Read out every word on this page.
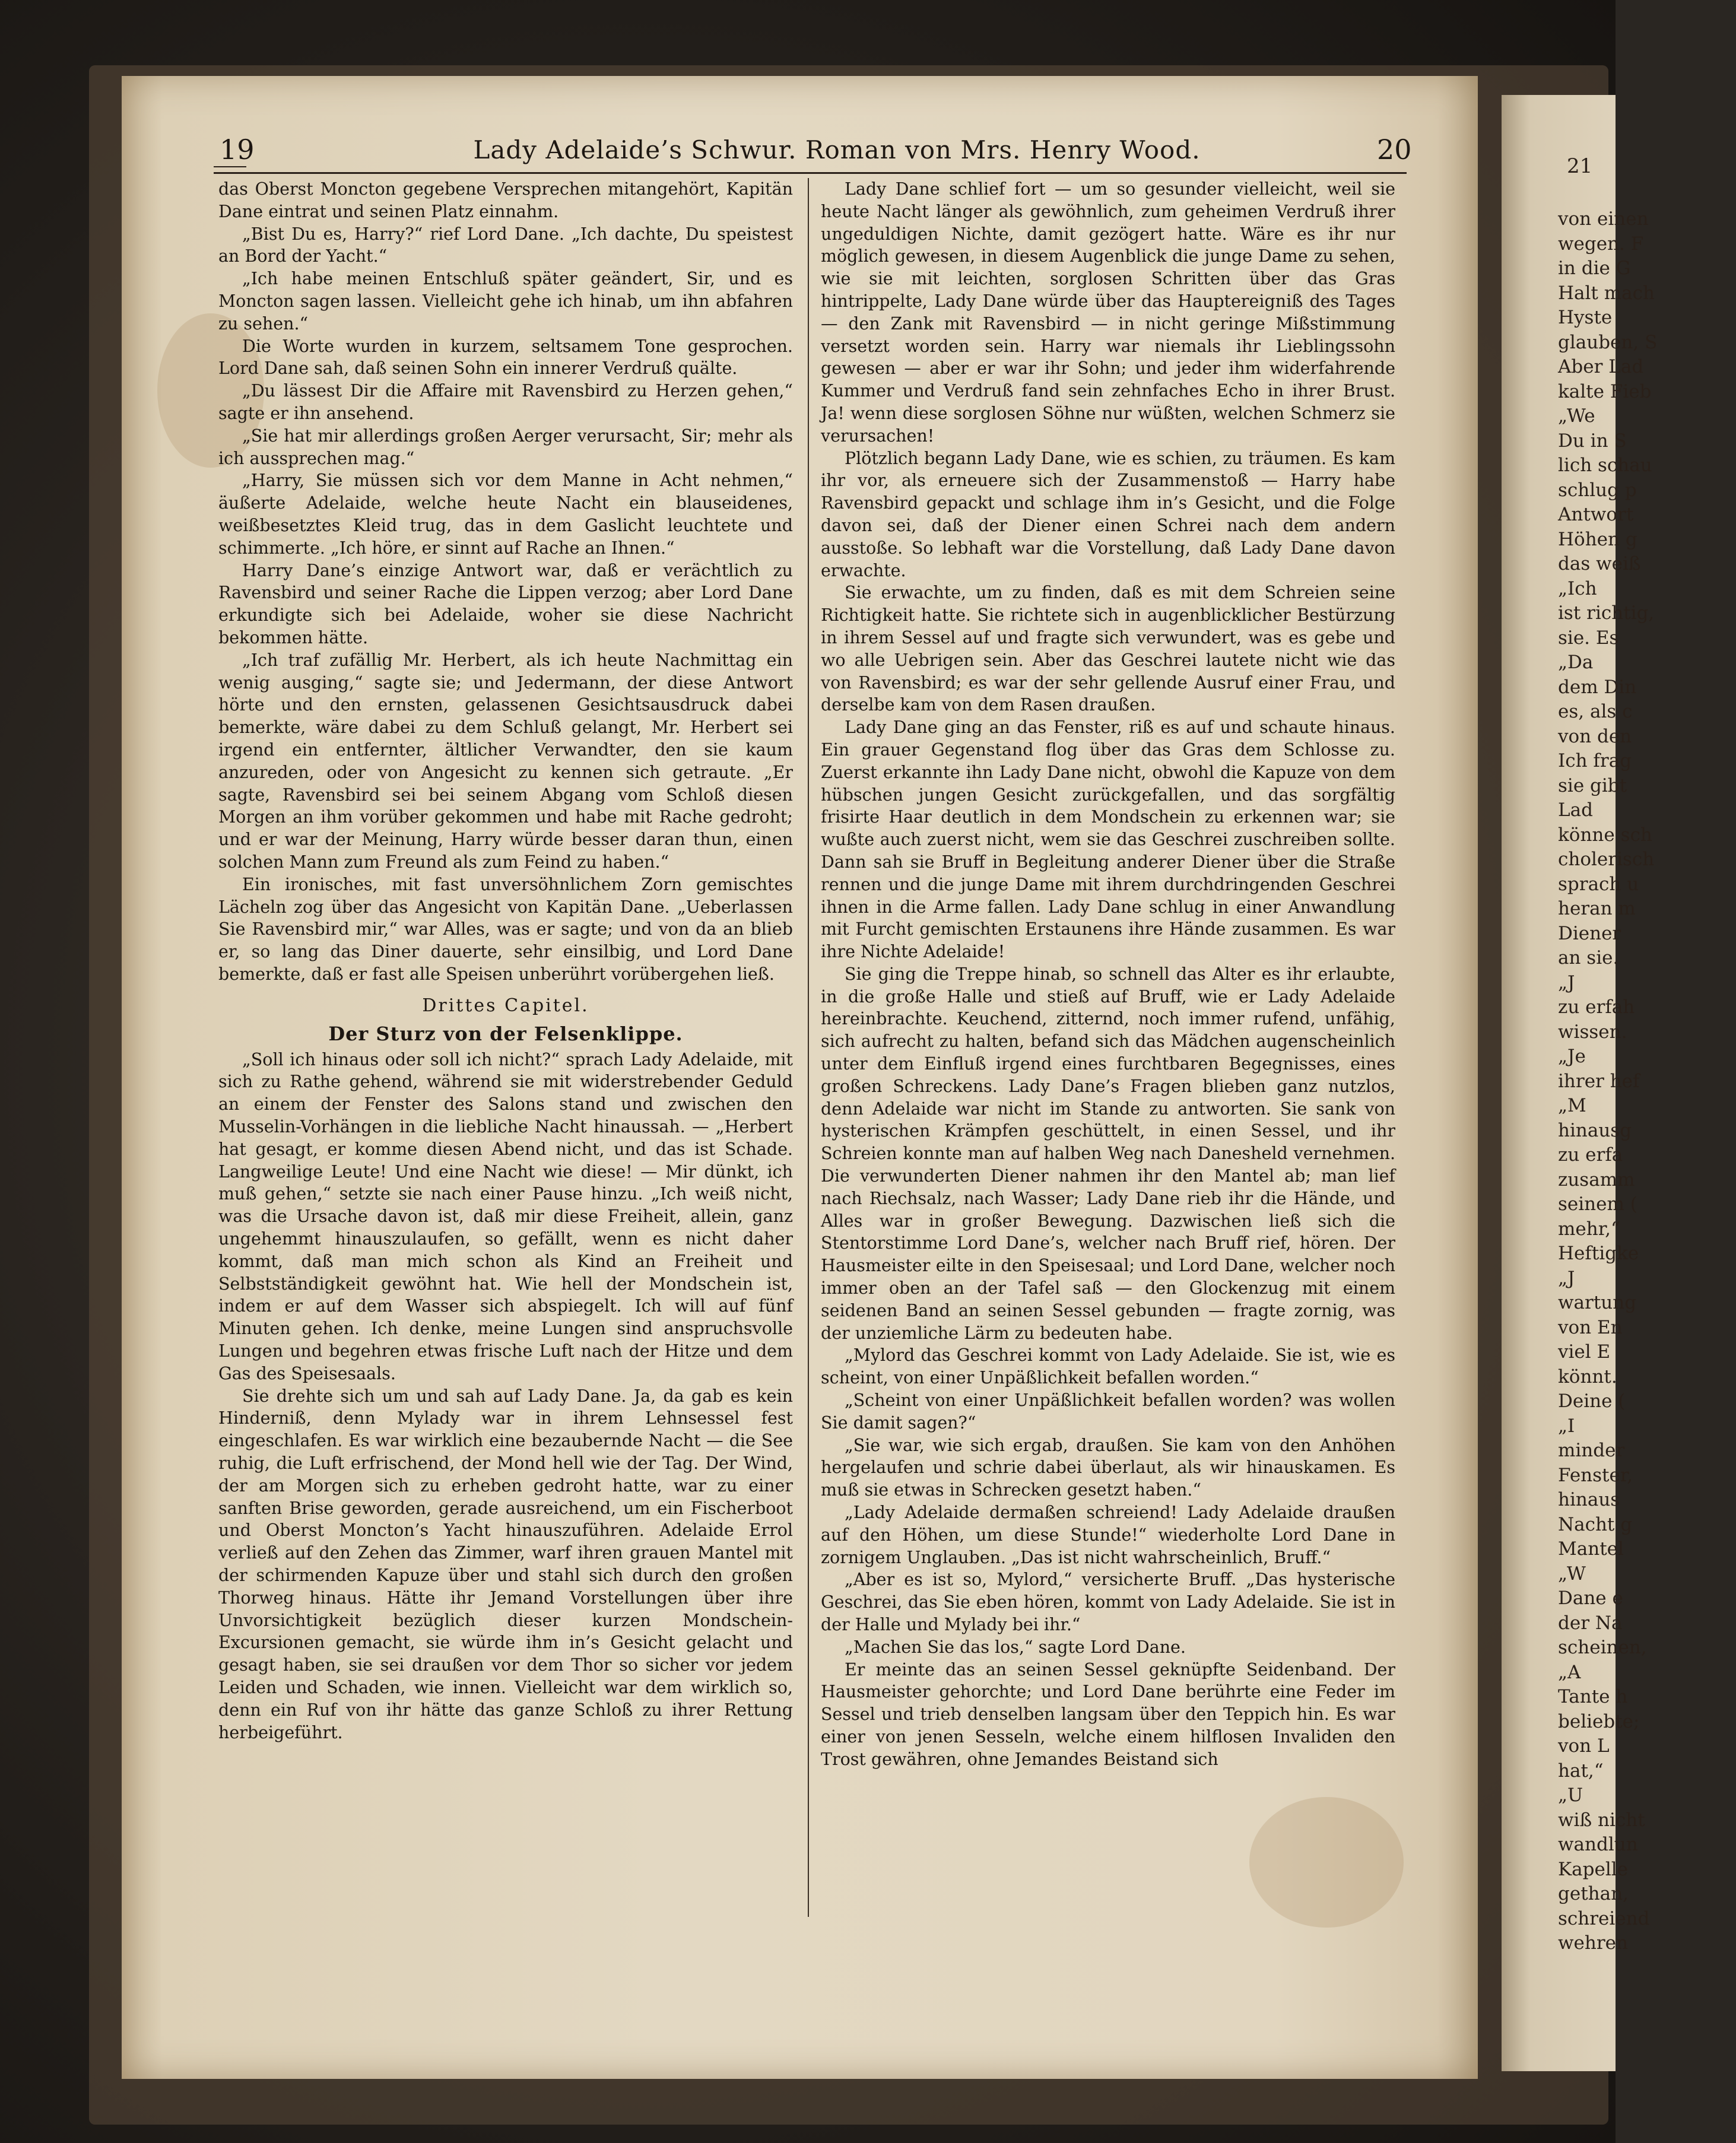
21
von einen
wegen. F
in die G
Halt mach
Hyste
glauben, S
Aber Lad
kalte Fieb
„We
Du in S
lich schau
schlug p
Antwort
Höhen g
das weiß
„Ich
ist richtig,
sie. Es
„Da
dem Din
es, als c
von den
Ich frag
sie gibt
Lad
könne sch
cholerisch
sprach u
heran m
Diener
an sie.
„J
zu erfah
wissen.
„Je
ihrer hef
„M
hinausg
zu erfa
zusamm
seinem (
mehr,“
Heftigke
„J
wartung
von En
viel E
könnt.
Deine (
„I
minder
Fenster,
hinaus
Nacht g
Mantel
„W
Dane e
der Na
scheinen,
„A
Tante h
beliebte;
von L
hat,“
„U
wiß nicht
wandlun
Kapelle
gethan,
schreiend
wehren
19	Lady Adelaide’s Schwur. Roman von Mrs. Henry Wood.	20

das Oberst Moncton gegebene Versprechen mitangehört, Kapitän Dane eintrat und seinen Platz einnahm.

„Bist Du es, Harry?“ rief Lord Dane. „Ich dachte, Du speistest an Bord der Yacht.“

„Ich habe meinen Entschluß später geändert, Sir, und es Moncton sagen lassen. Vielleicht gehe ich hinab, um ihn abfahren zu sehen.“

Die Worte wurden in kurzem, seltsamem Tone gesprochen. Lord Dane sah, daß seinen Sohn ein innerer Verdruß quälte.

„Du lässest Dir die Affaire mit Ravensbird zu Herzen gehen,“ sagte er ihn ansehend.

„Sie hat mir allerdings großen Aerger verursacht, Sir; mehr als ich aussprechen mag.“

„Harry, Sie müssen sich vor dem Manne in Acht nehmen,“ äußerte Adelaide, welche heute Nacht ein blauseidenes, weißbesetztes Kleid trug, das in dem Gaslicht leuchtete und schimmerte. „Ich höre, er sinnt auf Rache an Ihnen.“

Harry Dane’s einzige Antwort war, daß er verächtlich zu Ravensbird und seiner Rache die Lippen verzog; aber Lord Dane erkundigte sich bei Adelaide, woher sie diese Nachricht bekommen hätte.

„Ich traf zufällig Mr. Herbert, als ich heute Nachmittag ein wenig ausging,“ sagte sie; und Jedermann, der diese Antwort hörte und den ernsten, gelassenen Gesichtsausdruck dabei bemerkte, wäre dabei zu dem Schluß gelangt, Mr. Herbert sei irgend ein entfernter, ältlicher Verwandter, den sie kaum anzureden, oder von Angesicht zu kennen sich getraute. „Er sagte, Ravensbird sei bei seinem Abgang vom Schloß diesen Morgen an ihm vorüber gekommen und habe mit Rache gedroht; und er war der Meinung, Harry würde besser daran thun, einen solchen Mann zum Freund als zum Feind zu haben.“

Ein ironisches, mit fast unversöhnlichem Zorn gemischtes Lächeln zog über das Angesicht von Kapitän Dane. „Ueberlassen Sie Ravensbird mir,“ war Alles, was er sagte; und von da an blieb er, so lang das Diner dauerte, sehr einsilbig, und Lord Dane bemerkte, daß er fast alle Speisen unberührt vorübergehen ließ.

Drittes Capitel.
Der Sturz von der Felsenklippe.

„Soll ich hinaus oder soll ich nicht?“ sprach Lady Adelaide, mit sich zu Rathe gehend, während sie mit widerstrebender Geduld an einem der Fenster des Salons stand und zwischen den Musselin-Vorhängen in die liebliche Nacht hinaussah. — „Herbert hat gesagt, er komme diesen Abend nicht, und das ist Schade. Langweilige Leute! Und eine Nacht wie diese! — Mir dünkt, ich muß gehen,“ setzte sie nach einer Pause hinzu. „Ich weiß nicht, was die Ursache davon ist, daß mir diese Freiheit, allein, ganz ungehemmt hinauszulaufen, so gefällt, wenn es nicht daher kommt, daß man mich schon als Kind an Freiheit und Selbstständigkeit gewöhnt hat. Wie hell der Mondschein ist, indem er auf dem Wasser sich abspiegelt. Ich will auf fünf Minuten gehen. Ich denke, meine Lungen sind anspruchsvolle Lungen und begehren etwas frische Luft nach der Hitze und dem Gas des Speisesaals.

Sie drehte sich um und sah auf Lady Dane. Ja, da gab es kein Hinderniß, denn Mylady war in ihrem Lehnsessel fest eingeschlafen. Es war wirklich eine bezaubernde Nacht — die See ruhig, die Luft erfrischend, der Mond hell wie der Tag. Der Wind, der am Morgen sich zu erheben gedroht hatte, war zu einer sanften Brise geworden, gerade ausreichend, um ein Fischerboot und Oberst Moncton’s Yacht hinauszuführen. Adelaide Errol verließ auf den Zehen das Zimmer, warf ihren grauen Mantel mit der schirmenden Kapuze über und stahl sich durch den großen Thorweg hinaus. Hätte ihr Jemand Vorstellungen über ihre Unvorsichtigkeit bezüglich dieser kurzen Mondschein-Excursionen gemacht, sie würde ihm in’s Gesicht gelacht und gesagt haben, sie sei draußen vor dem Thor so sicher vor jedem Leiden und Schaden, wie innen. Vielleicht war dem wirklich so, denn ein Ruf von ihr hätte das ganze Schloß zu ihrer Rettung herbeigeführt.

Lady Dane schlief fort — um so gesunder vielleicht, weil sie heute Nacht länger als gewöhnlich, zum geheimen Verdruß ihrer ungeduldigen Nichte, damit gezögert hatte. Wäre es ihr nur möglich gewesen, in diesem Augenblick die junge Dame zu sehen, wie sie mit leichten, sorglosen Schritten über das Gras hintrippelte, Lady Dane würde über das Hauptereigniß des Tages — den Zank mit Ravensbird — in nicht geringe Mißstimmung versetzt worden sein. Harry war niemals ihr Lieblingssohn gewesen — aber er war ihr Sohn; und jeder ihm widerfahrende Kummer und Verdruß fand sein zehnfaches Echo in ihrer Brust. Ja! wenn diese sorglosen Söhne nur wüßten, welchen Schmerz sie verursachen!

Plötzlich begann Lady Dane, wie es schien, zu träumen. Es kam ihr vor, als erneuere sich der Zusammenstoß — Harry habe Ravensbird gepackt und schlage ihm in’s Gesicht, und die Folge davon sei, daß der Diener einen Schrei nach dem andern ausstoße. So lebhaft war die Vorstellung, daß Lady Dane davon erwachte.

Sie erwachte, um zu finden, daß es mit dem Schreien seine Richtigkeit hatte. Sie richtete sich in augenblicklicher Bestürzung in ihrem Sessel auf und fragte sich verwundert, was es gebe und wo alle Uebrigen sein. Aber das Geschrei lautete nicht wie das von Ravensbird; es war der sehr gellende Ausruf einer Frau, und derselbe kam von dem Rasen draußen.

Lady Dane ging an das Fenster, riß es auf und schaute hinaus. Ein grauer Gegenstand flog über das Gras dem Schlosse zu. Zuerst erkannte ihn Lady Dane nicht, obwohl die Kapuze von dem hübschen jungen Gesicht zurückgefallen, und das sorgfältig frisirte Haar deutlich in dem Mondschein zu erkennen war; sie wußte auch zuerst nicht, wem sie das Geschrei zuschreiben sollte. Dann sah sie Bruff in Begleitung anderer Diener über die Straße rennen und die junge Dame mit ihrem durchdringenden Geschrei ihnen in die Arme fallen. Lady Dane schlug in einer Anwandlung mit Furcht gemischten Erstaunens ihre Hände zusammen. Es war ihre Nichte Adelaide!

Sie ging die Treppe hinab, so schnell das Alter es ihr erlaubte, in die große Halle und stieß auf Bruff, wie er Lady Adelaide hereinbrachte. Keuchend, zitternd, noch immer rufend, unfähig, sich aufrecht zu halten, befand sich das Mädchen augenscheinlich unter dem Einfluß irgend eines furchtbaren Begegnisses, eines großen Schreckens. Lady Dane’s Fragen blieben ganz nutzlos, denn Adelaide war nicht im Stande zu antworten. Sie sank von hysterischen Krämpfen geschüttelt, in einen Sessel, und ihr Schreien konnte man auf halben Weg nach Danesheld vernehmen. Die verwunderten Diener nahmen ihr den Mantel ab; man lief nach Riechsalz, nach Wasser; Lady Dane rieb ihr die Hände, und Alles war in großer Bewegung. Dazwischen ließ sich die Stentorstimme Lord Dane’s, welcher nach Bruff rief, hören. Der Hausmeister eilte in den Speisesaal; und Lord Dane, welcher noch immer oben an der Tafel saß — den Glockenzug mit einem seidenen Band an seinen Sessel gebunden — fragte zornig, was der unziemliche Lärm zu bedeuten habe.

„Mylord das Geschrei kommt von Lady Adelaide. Sie ist, wie es scheint, von einer Unpäßlichkeit befallen worden.“

„Scheint von einer Unpäßlichkeit befallen worden? was wollen Sie damit sagen?“

„Sie war, wie sich ergab, draußen. Sie kam von den Anhöhen hergelaufen und schrie dabei überlaut, als wir hinauskamen. Es muß sie etwas in Schrecken gesetzt haben.“

„Lady Adelaide dermaßen schreiend! Lady Adelaide draußen auf den Höhen, um diese Stunde!“ wiederholte Lord Dane in zornigem Unglauben. „Das ist nicht wahrscheinlich, Bruff.“

„Aber es ist so, Mylord,“ versicherte Bruff. „Das hysterische Geschrei, das Sie eben hören, kommt von Lady Adelaide. Sie ist in der Halle und Mylady bei ihr.“

„Machen Sie das los,“ sagte Lord Dane.

Er meinte das an seinen Sessel geknüpfte Seidenband. Der Hausmeister gehorchte; und Lord Dane berührte eine Feder im Sessel und trieb denselben langsam über den Teppich hin. Es war einer von jenen Sesseln, welche einem hilflosen Invaliden den Trost gewähren, ohne Jemandes Beistand sich
